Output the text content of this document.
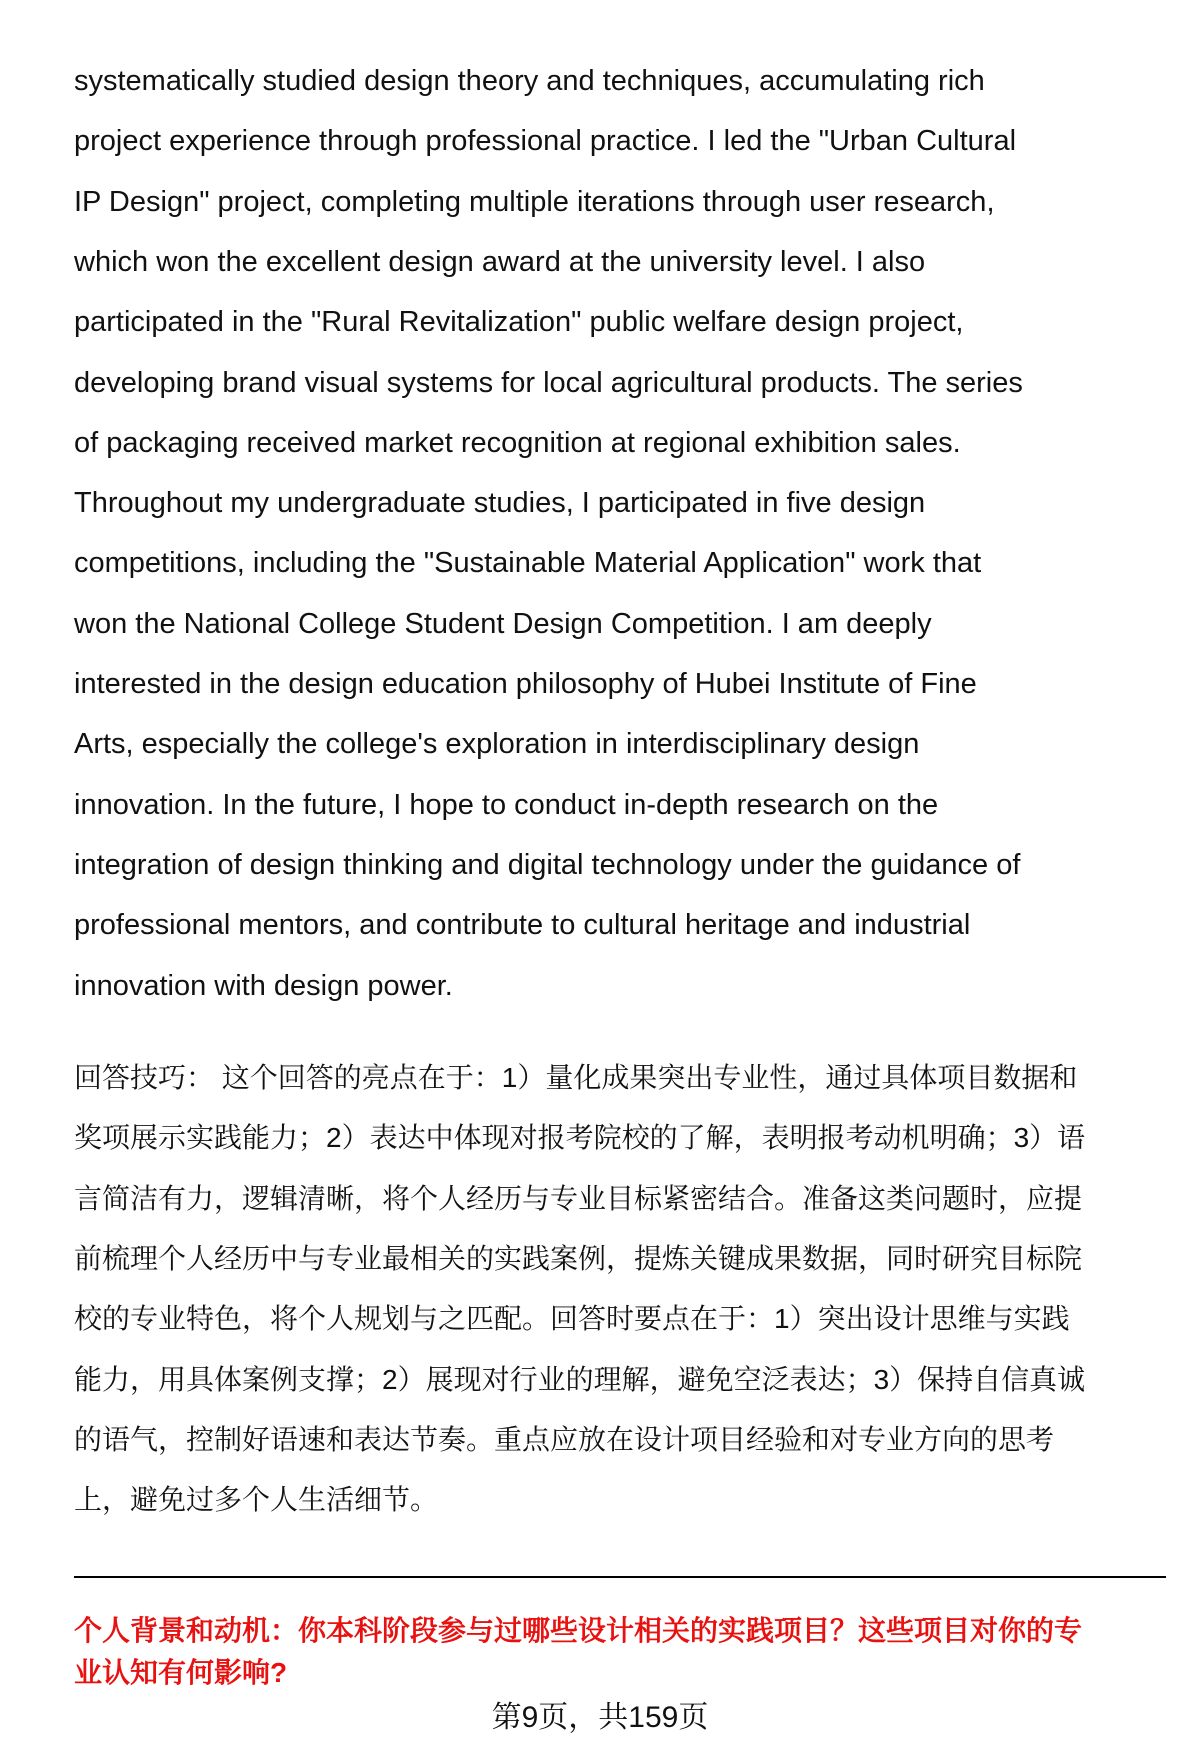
systematically studied design theory and techniques, accumulating rich
project experience through professional practice. I led the "Urban Cultural
IP Design" project, completing multiple iterations through user research,
which won the excellent design award at the university level. I also
participated in the "Rural Revitalization" public welfare design project,
developing brand visual systems for local agricultural products. The series
of packaging received market recognition at regional exhibition sales.
Throughout my undergraduate studies, I participated in five design
competitions, including the "Sustainable Material Application" work that
won the National College Student Design Competition. I am deeply
interested in the design education philosophy of Hubei Institute of Fine
Arts, especially the college's exploration in interdisciplinary design
innovation. In the future, I hope to conduct in-depth research on the
integration of design thinking and digital technology under the guidance of
professional mentors, and contribute to cultural heritage and industrial
innovation with design power.
回答技巧： 这个回答的亮点在于：1）量化成果突出专业性，通过具体项目数据和
奖项展示实践能力；2）表达中体现对报考院校的了解，表明报考动机明确；3）语
言简洁有力，逻辑清晰，将个人经历与专业目标紧密结合。准备这类问题时，应提
前梳理个人经历中与专业最相关的实践案例，提炼关键成果数据，同时研究目标院
校的专业特色，将个人规划与之匹配。回答时要点在于：1）突出设计思维与实践
能力，用具体案例支撑；2）展现对行业的理解，避免空泛表达；3）保持自信真诚
的语气，控制好语速和表达节奏。重点应放在设计项目经验和对专业方向的思考
上，避免过多个人生活细节。
个人背景和动机：你本科阶段参与过哪些设计相关的实践项目？这些项目对你的专
业认知有何影响?
第9页，共159页
